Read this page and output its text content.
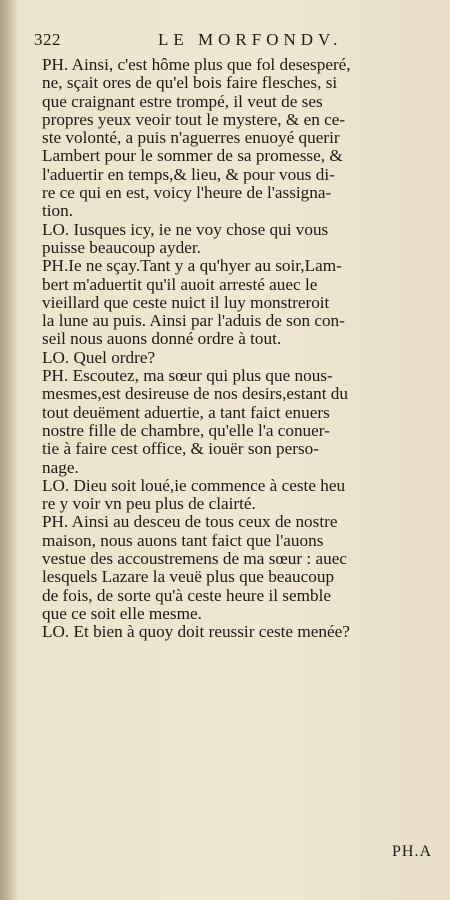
322	LE MORFONDV.
PH. Ainsi, c'est hôme plus que fol desesperé,
ne, sçait ores de qu'el bois faire flesches, si
que craignant estre trompé, il veut de ses
propres yeux veoir tout le mystere, & en ce-
ste volonté, a puis n'aguerres enuoyé querir
Lambert pour le sommer de sa promesse, &
l'aduertir en temps,& lieu, & pour vous di-
re ce qui en est, voicy l'heure de l'assigna-
tion.
LO. Iusques icy, ie ne voy chose qui vous
puisse beaucoup ayder.
PH.Ie ne sçay.Tant y a qu'hyer au soir,Lam-
bert m'aduertit qu'il auoit arresté auec le
vieillard que ceste nuict il luy monstreroit
la lune au puis. Ainsi par l'aduis de son con-
seil nous auons donné ordre à tout.
LO. Quel ordre?
PH. Escoutez, ma sœur qui plus que nous-
mesmes,est desireuse de nos desirs,estant du
tout deuëment aduertie, a tant faict enuers
nostre fille de chambre, qu'elle l'a conuer-
tie à faire cest office, & iouër son perso-
nage.
LO. Dieu soit loué,ie commence à ceste heu
re y voir vn peu plus de clairté.
PH. Ainsi au desceu de tous ceux de nostre
maison, nous auons tant faict que l'auons
vestue des accoustremens de ma sœur : auec
lesquels Lazare la veuë plus que beaucoup
de fois, de sorte qu'à ceste heure il semble
que ce soit elle mesme.
LO. Et bien à quoy doit reussir ceste menée?
PH.A
